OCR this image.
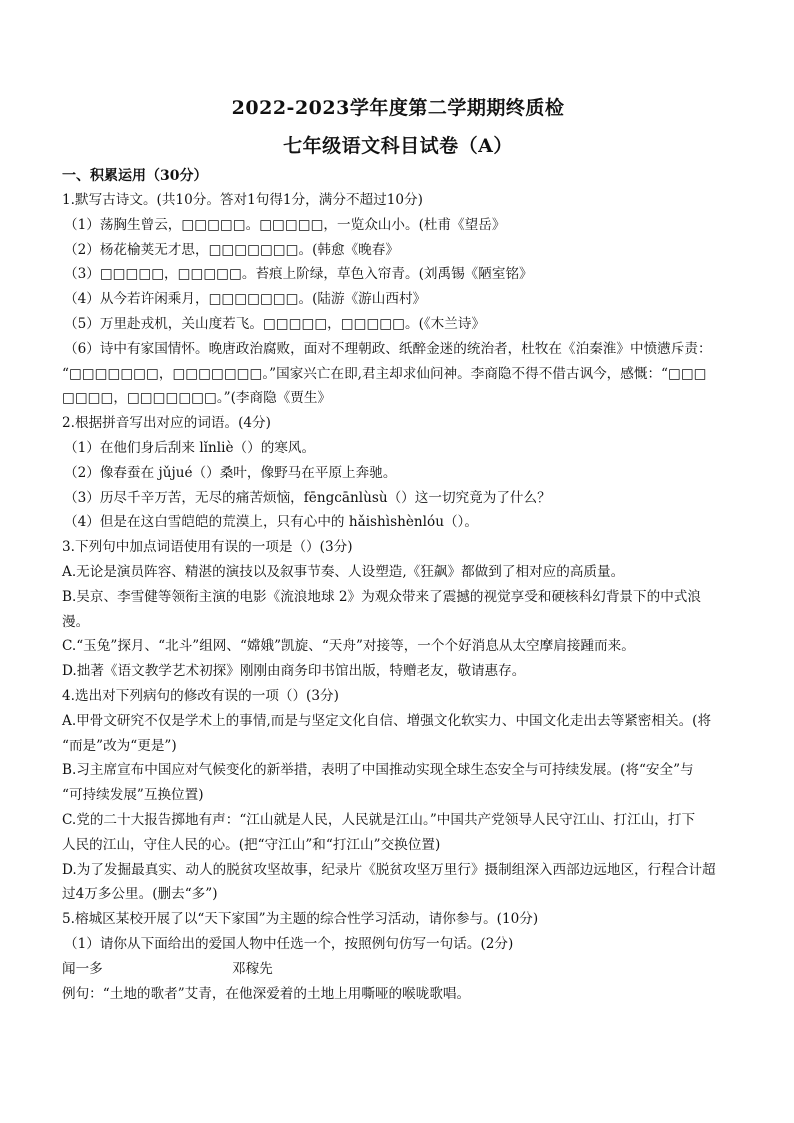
2022-2023学年度第二学期期终质检
七年级语文科目试卷（A）
一、积累运用（30分）
1.默写古诗文。(共10分。答对1句得1分，满分不超过10分)
（1）荡胸生曾云，□□□□□。□□□□□，一览众山小。(杜甫《望岳》
（2）杨花榆荚无才思，□□□□□□□。(韩愈《晚春》
（3）□□□□□，□□□□□。苔痕上阶绿，草色入帘青。(刘禹锡《陋室铭》
（4）从今若许闲乘月，□□□□□□□。(陆游《游山西村》
（5）万里赴戎机，关山度若飞。□□□□□，□□□□□。(《木兰诗》
（6）诗中有家国情怀。晚唐政治腐败，面对不理朝政、纸醉金迷的统治者，杜牧在《泊秦淮》中愤懑斥责：
“□□□□□□□，□□□□□□□。”国家兴亡在即,君主却求仙问神。李商隐不得不借古讽今，感慨：“□□□
□□□□，□□□□□□□。”(李商隐《贾生》
2.根据拼音写出对应的词语。(4分)
（1）在他们身后刮来 lǐnliè（）的寒风。
（2）像春蚕在 jǔjué（）桑叶，像野马在平原上奔驰。
（3）历尽千辛万苦，无尽的痛苦烦恼，fēngcānlùsù（）这一切究竟为了什么？
（4）但是在这白雪皑皑的荒漠上，只有心中的 hǎishìshènlóu（）。
3.下列句中加点词语使用有误的一项是（）(3分)
A.无论是演员阵容、精湛的演技以及叙事节奏、人设塑造,《狂飙》都做到了相对应的高质量。
B.吴京、李雪健等领衔主演的电影《流浪地球 2》为观众带来了震撼的视觉享受和硬核科幻背景下的中式浪
漫。
C.“玉兔”探月、“北斗”组网、“嫦娥”凯旋、“天舟”对接等，一个个好消息从太空摩肩接踵而来。
D.拙著《语文教学艺术初探》刚刚由商务印书馆出版，特赠老友，敬请惠存。
4.选出对下列病句的修改有误的一项（）(3分)
A.甲骨文研究不仅是学术上的事情,而是与坚定文化自信、增强文化软实力、中国文化走出去等紧密相关。(将
“而是”改为“更是”)
B.习主席宣布中国应对气候变化的新举措，表明了中国推动实现全球生态安全与可持续发展。(将“安全”与
“可持续发展”互换位置)
C.党的二十大报告掷地有声：“江山就是人民，人民就是江山。”中国共产党领导人民守江山、打江山，打下
人民的江山，守住人民的心。(把“守江山”和“打江山”交换位置)
D.为了发掘最真实、动人的脱贫攻坚故事，纪录片《脱贫攻坚万里行》摄制组深入西部边远地区，行程合计超
过4万多公里。(删去“多”)
5.榕城区某校开展了以“天下家国”为主题的综合性学习活动，请你参与。(10分)
（1）请你从下面给出的爱国人物中任选一个，按照例句仿写一句话。(2分)
闻一多	邓稼先
例句：“土地的歌者”艾青，在他深爱着的土地上用嘶哑的喉咙歌唱。
